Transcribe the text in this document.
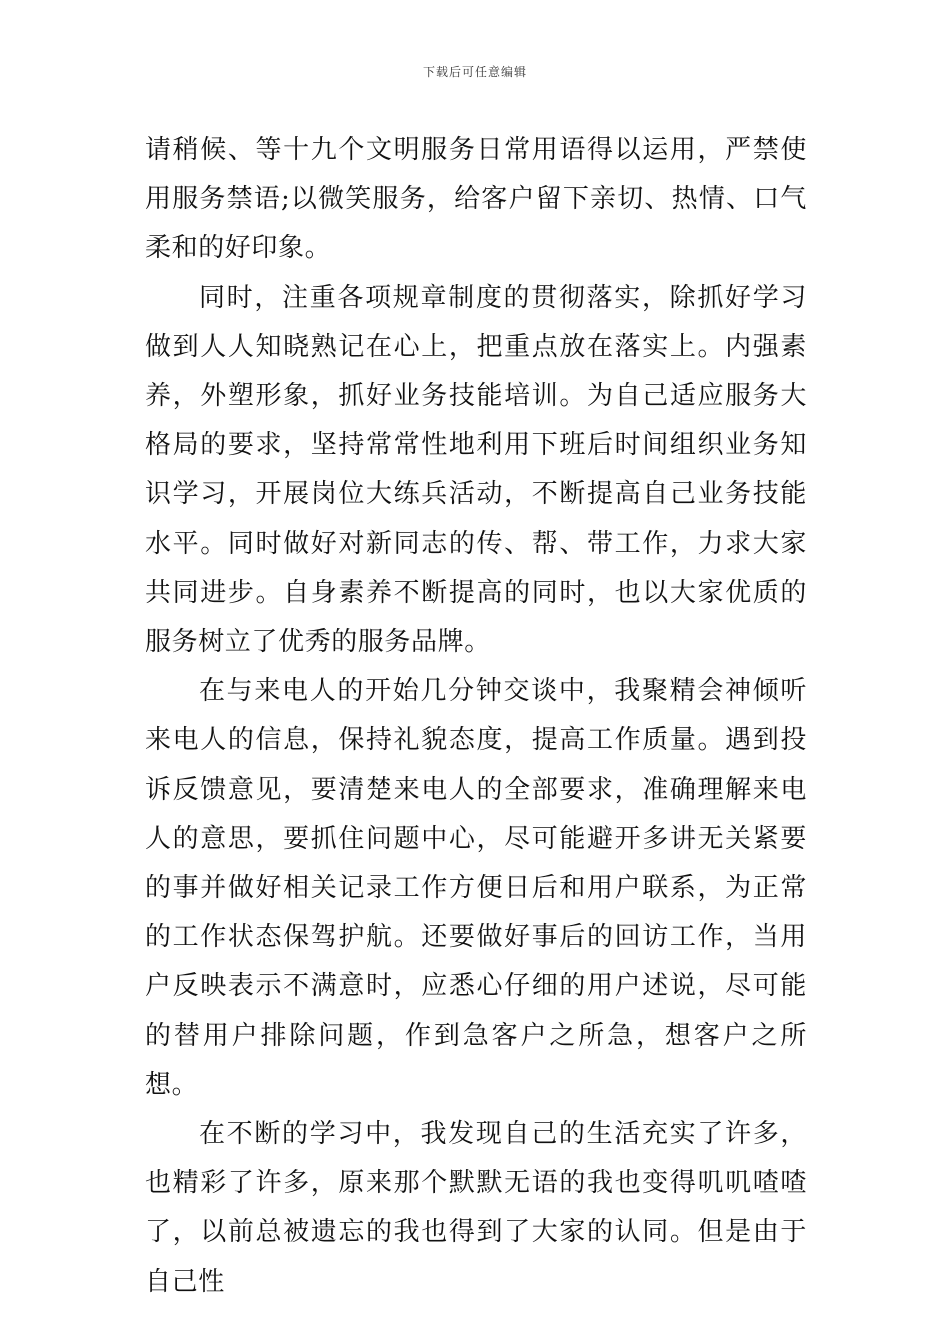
下载后可任意编辑

请稍候、等十九个文明服务日常用语得以运用，严禁使用服务禁语;以微笑服务，给客户留下亲切、热情、口气柔和的好印象。

同时，注重各项规章制度的贯彻落实，除抓好学习做到人人知晓熟记在心上，把重点放在落实上。内强素养，外塑形象，抓好业务技能培训。为自己适应服务大格局的要求，坚持常常性地利用下班后时间组织业务知识学习，开展岗位大练兵活动，不断提高自己业务技能水平。同时做好对新同志的传、帮、带工作，力求大家共同进步。自身素养不断提高的同时，也以大家优质的服务树立了优秀的服务品牌。

在与来电人的开始几分钟交谈中，我聚精会神倾听来电人的信息，保持礼貌态度，提高工作质量。遇到投诉反馈意见，要清楚来电人的全部要求，准确理解来电人的意思，要抓住问题中心，尽可能避开多讲无关紧要的事并做好相关记录工作方便日后和用户联系，为正常的工作状态保驾护航。还要做好事后的回访工作，当用户反映表示不满意时，应悉心仔细的用户述说，尽可能的替用户排除问题，作到急客户之所急，想客户之所想。

在不断的学习中，我发现自己的生活充实了许多，也精彩了许多，原来那个默默无语的我也变得叽叽喳喳了，以前总被遗忘的我也得到了大家的认同。但是由于自己性
